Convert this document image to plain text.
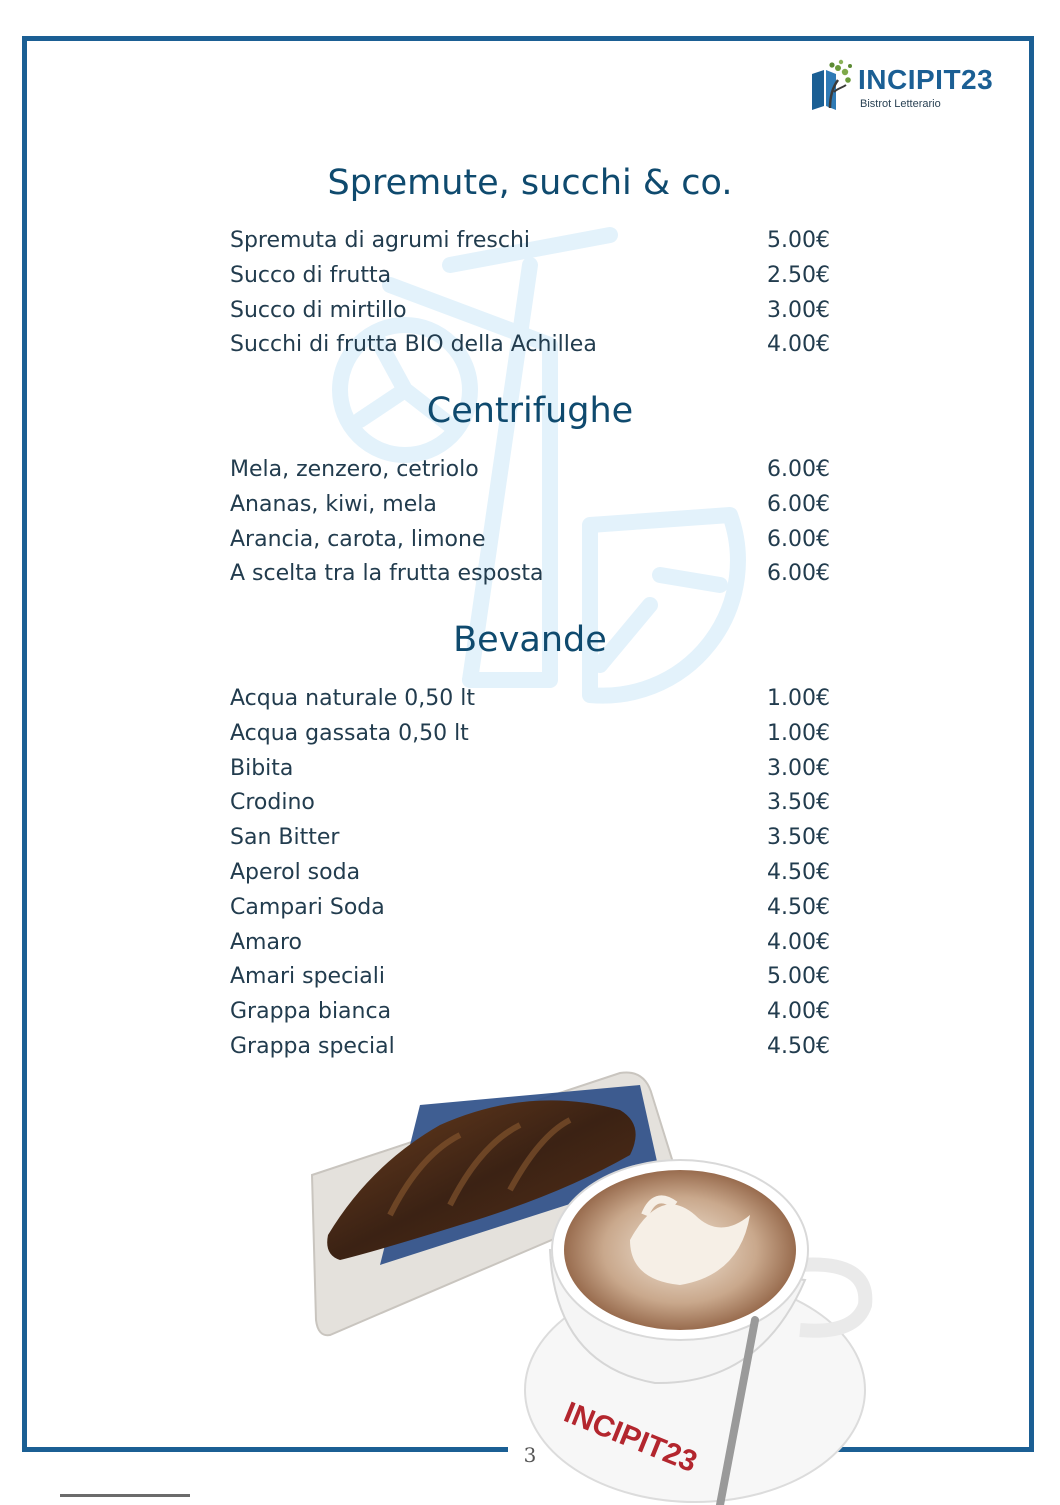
INCIPIT23
Bistrot Letterario
Spremute, succhi & co.
Spremuta di agrumi freschi	5.00€
Succo di frutta	2.50€
Succo di mirtillo	3.00€
Succhi di frutta BIO della Achillea	4.00€
Centrifughe
Mela, zenzero, cetriolo	6.00€
Ananas, kiwi, mela	6.00€
Arancia, carota, limone	6.00€
A scelta tra la frutta esposta	6.00€
Bevande
Acqua naturale 0,50 lt	1.00€
Acqua gassata 0,50 lt	1.00€
Bibita	3.00€
Crodino	3.50€
San Bitter	3.50€
Aperol soda	4.50€
Campari Soda	4.50€
Amaro	4.00€
Amari speciali	5.00€
Grappa bianca	4.00€
Grappa special	4.50€
3 INCIPIT23
